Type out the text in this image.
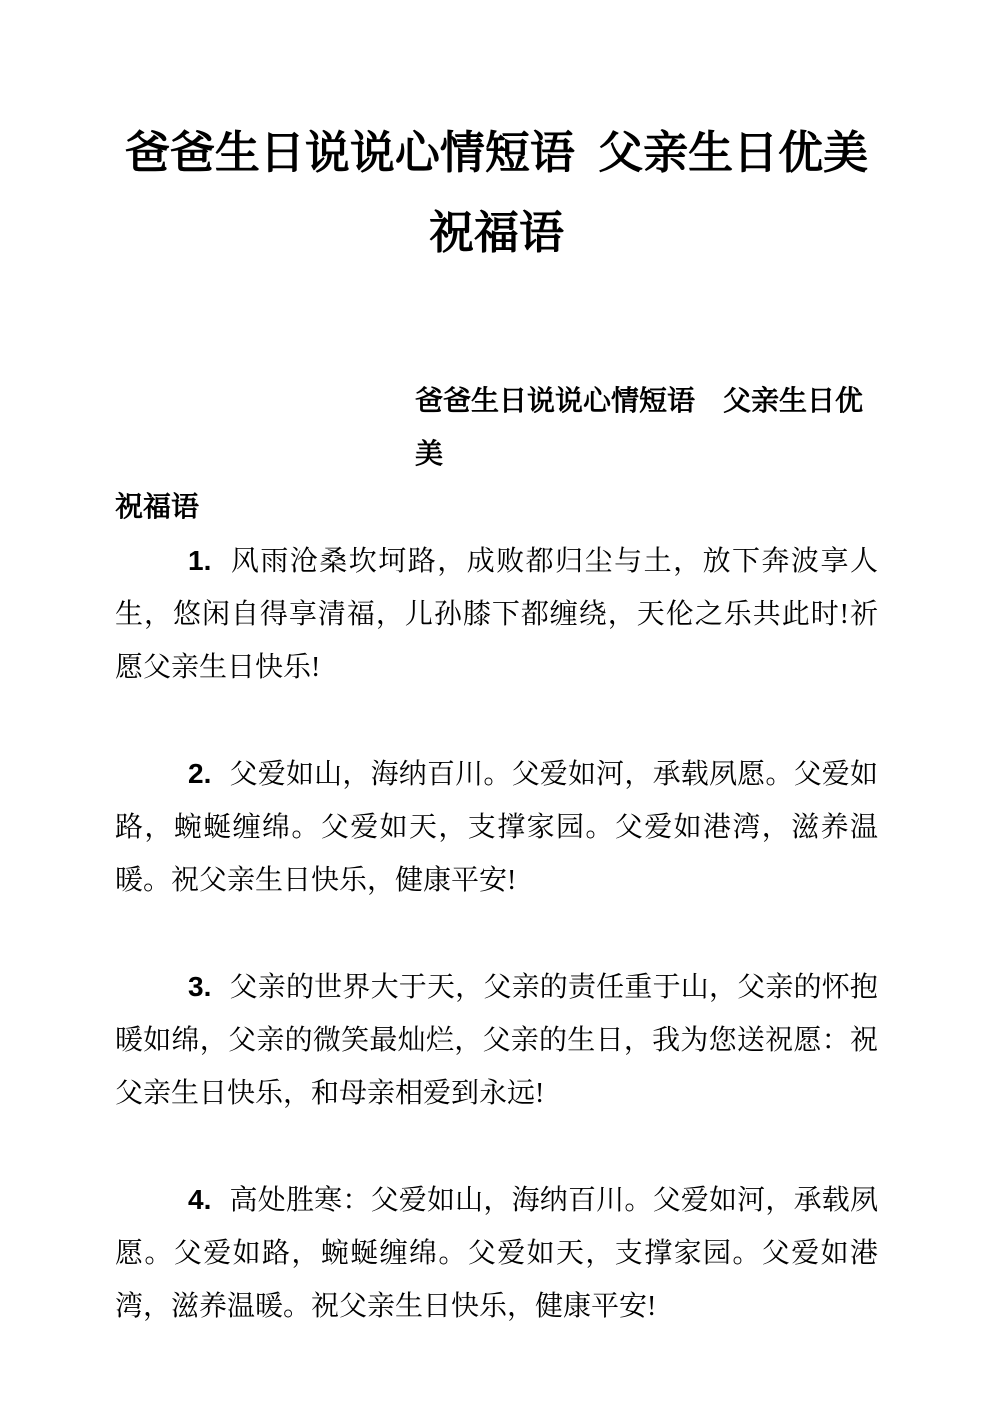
爸爸生日说说心情短语 父亲生日优美
祝福语
爸爸生日说说心情短语　父亲生日优美
祝福语

1. 风雨沧桑坎坷路，成败都归尘与土，放下奔波享人生，悠闲自得享清福，儿孙膝下都缠绕，天伦之乐共此时!祈愿父亲生日快乐!

2. 父爱如山，海纳百川。父爱如河，承载夙愿。父爱如路，蜿蜒缠绵。父爱如天，支撑家园。父爱如港湾，滋养温暖。祝父亲生日快乐，健康平安!

3. 父亲的世界大于天，父亲的责任重于山，父亲的怀抱暖如绵，父亲的微笑最灿烂，父亲的生日，我为您送祝愿：祝父亲生日快乐，和母亲相爱到永远!

4. 高处胜寒：父爱如山，海纳百川。父爱如河，承载夙愿。父爱如路，蜿蜒缠绵。父爱如天，支撑家园。父爱如港湾，滋养温暖。祝父亲生日快乐，健康平安!
